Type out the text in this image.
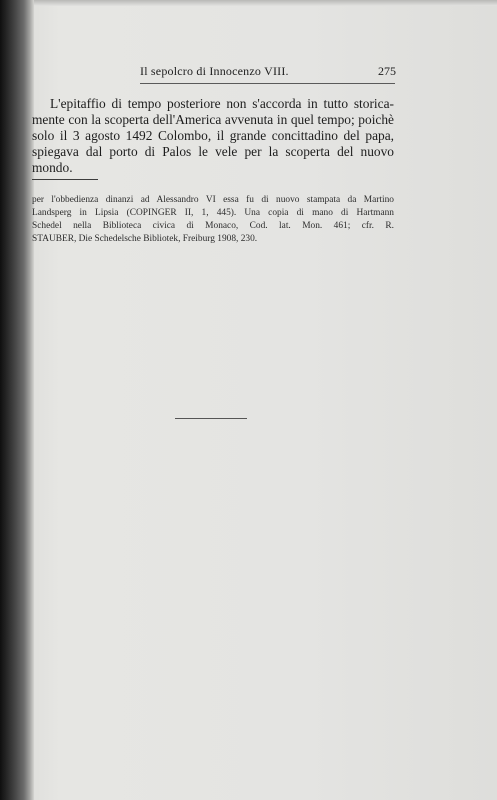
Il sepolcro di Innocenzo VIII.	275
L'epitaffio di tempo posteriore non s'accorda in tutto storica-
mente con la scoperta dell'America avvenuta in quel tempo; poichè
solo il 3 agosto 1492 Colombo, il grande concittadino del papa,
spiegava dal porto di Palos le vele per la scoperta del nuovo
mondo.
per l'obbedienza dinanzi ad Alessandro VI essa fu di nuovo stampata da Martino
Landsperg in Lipsia (COPINGER II, 1, 445). Una copia di mano di Hartmann
Schedel nella Biblioteca civica di Monaco, Cod. lat. Mon. 461; cfr. R.
STAUBER, Die Schedelsche Bibliotek, Freiburg 1908, 230.
